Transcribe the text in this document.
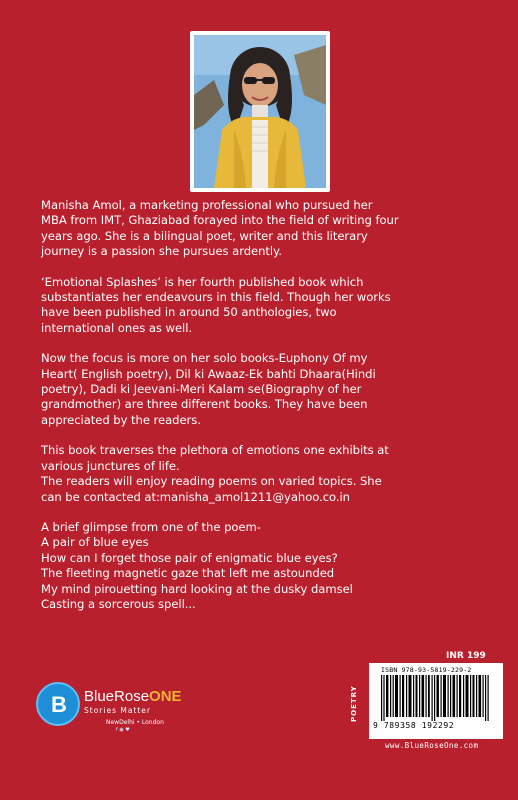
Manisha Amol, a marketing professional who pursued her
MBA from IMT, Ghaziabad forayed into the field of writing four
years ago. She is a bilingual poet, writer and this literary
journey is a passion she pursues ardently.

‘Emotional Splashes’ is her fourth published book which
substantiates her endeavours in this field. Though her works
have been published in around 50 anthologies, two
international ones as well.

Now the focus is more on her solo books-Euphony Of my
Heart( English poetry), Dil ki Awaaz-Ek bahti Dhaara(Hindi
poetry), Dadi ki Jeevani-Meri Kalam se(Biography of her
grandmother) are three different books. They have been
appreciated by the readers.

This book traverses the plethora of emotions one exhibits at
various junctures of life.
The readers will enjoy reading poems on varied topics. She
can be contacted at:manisha_amol1211@yahoo.co.in

A brief glimpse from one of the poem-
A pair of blue eyes
How can I forget those pair of enigmatic blue eyes?
The fleeting magnetic gaze that left me astounded
My mind pirouetting hard looking at the dusky damsel
Casting a sorcerous spell...

B BlueRoseONE
Stories Matter
NewDelhi • London
f ◉ ♥
INR 199
POETRY
ISBN 978-93-5819-229-2
9 789358 192292
www.BlueRoseOne.com
